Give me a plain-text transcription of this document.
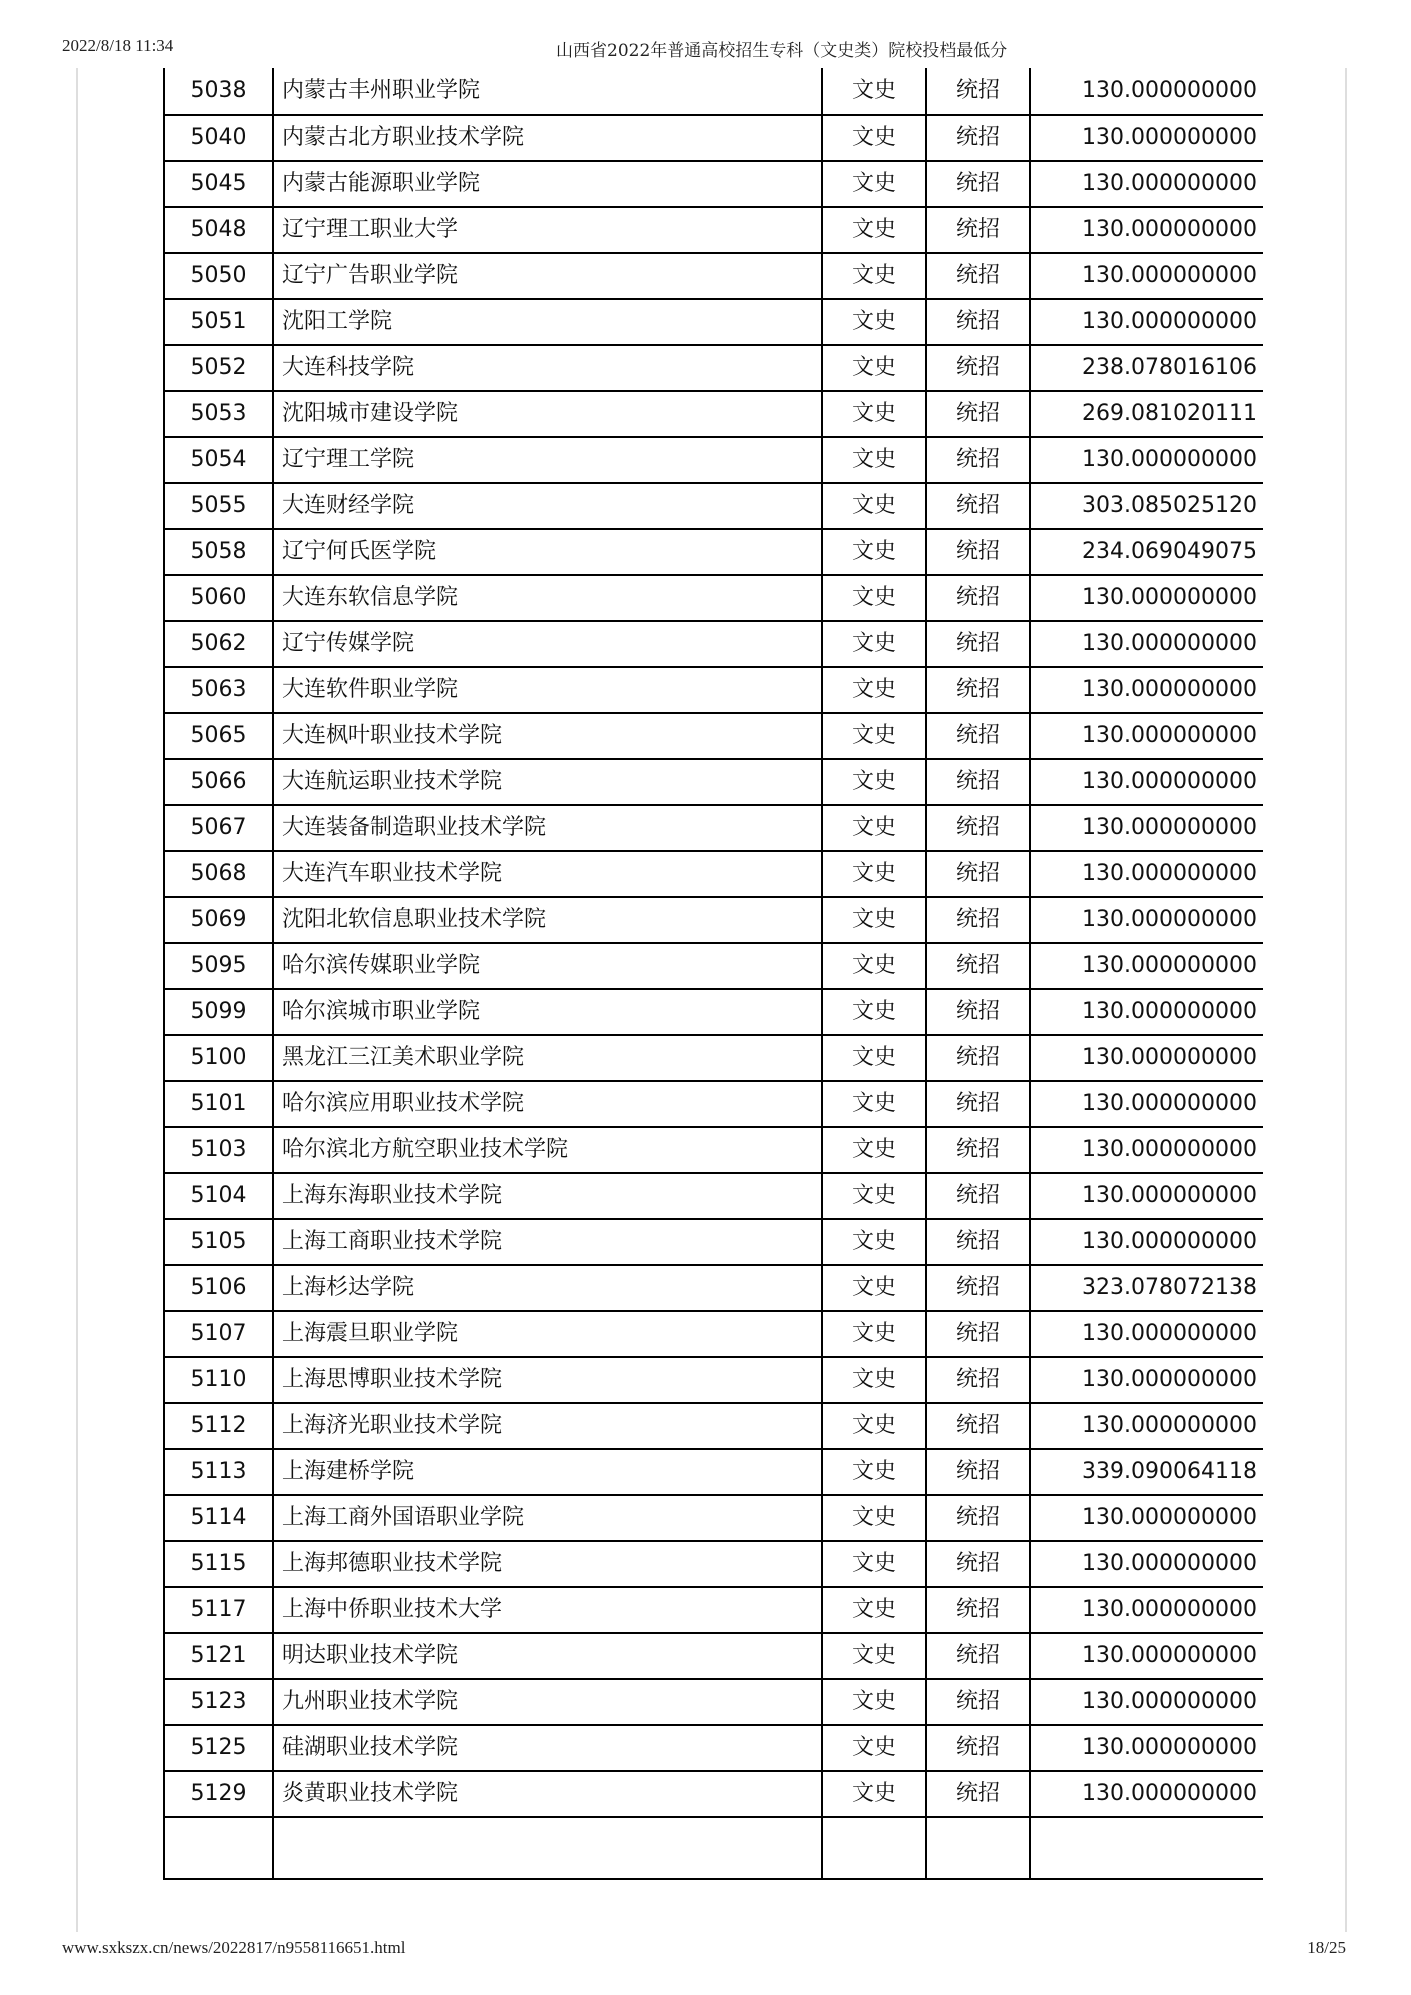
2022/8/18 11:34	山西省2022年普通高校招生专科（文史类）院校投档最低分
5038	内蒙古丰州职业学院	文史	统招	130.000000000
5040	内蒙古北方职业技术学院	文史	统招	130.000000000
5045	内蒙古能源职业学院	文史	统招	130.000000000
5048	辽宁理工职业大学	文史	统招	130.000000000
5050	辽宁广告职业学院	文史	统招	130.000000000
5051	沈阳工学院	文史	统招	130.000000000
5052	大连科技学院	文史	统招	238.078016106
5053	沈阳城市建设学院	文史	统招	269.081020111
5054	辽宁理工学院	文史	统招	130.000000000
5055	大连财经学院	文史	统招	303.085025120
5058	辽宁何氏医学院	文史	统招	234.069049075
5060	大连东软信息学院	文史	统招	130.000000000
5062	辽宁传媒学院	文史	统招	130.000000000
5063	大连软件职业学院	文史	统招	130.000000000
5065	大连枫叶职业技术学院	文史	统招	130.000000000
5066	大连航运职业技术学院	文史	统招	130.000000000
5067	大连装备制造职业技术学院	文史	统招	130.000000000
5068	大连汽车职业技术学院	文史	统招	130.000000000
5069	沈阳北软信息职业技术学院	文史	统招	130.000000000
5095	哈尔滨传媒职业学院	文史	统招	130.000000000
5099	哈尔滨城市职业学院	文史	统招	130.000000000
5100	黑龙江三江美术职业学院	文史	统招	130.000000000
5101	哈尔滨应用职业技术学院	文史	统招	130.000000000
5103	哈尔滨北方航空职业技术学院	文史	统招	130.000000000
5104	上海东海职业技术学院	文史	统招	130.000000000
5105	上海工商职业技术学院	文史	统招	130.000000000
5106	上海杉达学院	文史	统招	323.078072138
5107	上海震旦职业学院	文史	统招	130.000000000
5110	上海思博职业技术学院	文史	统招	130.000000000
5112	上海济光职业技术学院	文史	统招	130.000000000
5113	上海建桥学院	文史	统招	339.090064118
5114	上海工商外国语职业学院	文史	统招	130.000000000
5115	上海邦德职业技术学院	文史	统招	130.000000000
5117	上海中侨职业技术大学	文史	统招	130.000000000
5121	明达职业技术学院	文史	统招	130.000000000
5123	九州职业技术学院	文史	统招	130.000000000
5125	硅湖职业技术学院	文史	统招	130.000000000
5129	炎黄职业技术学院	文史	统招	130.000000000

www.sxkszx.cn/news/2022817/n9558116651.html	18/25
